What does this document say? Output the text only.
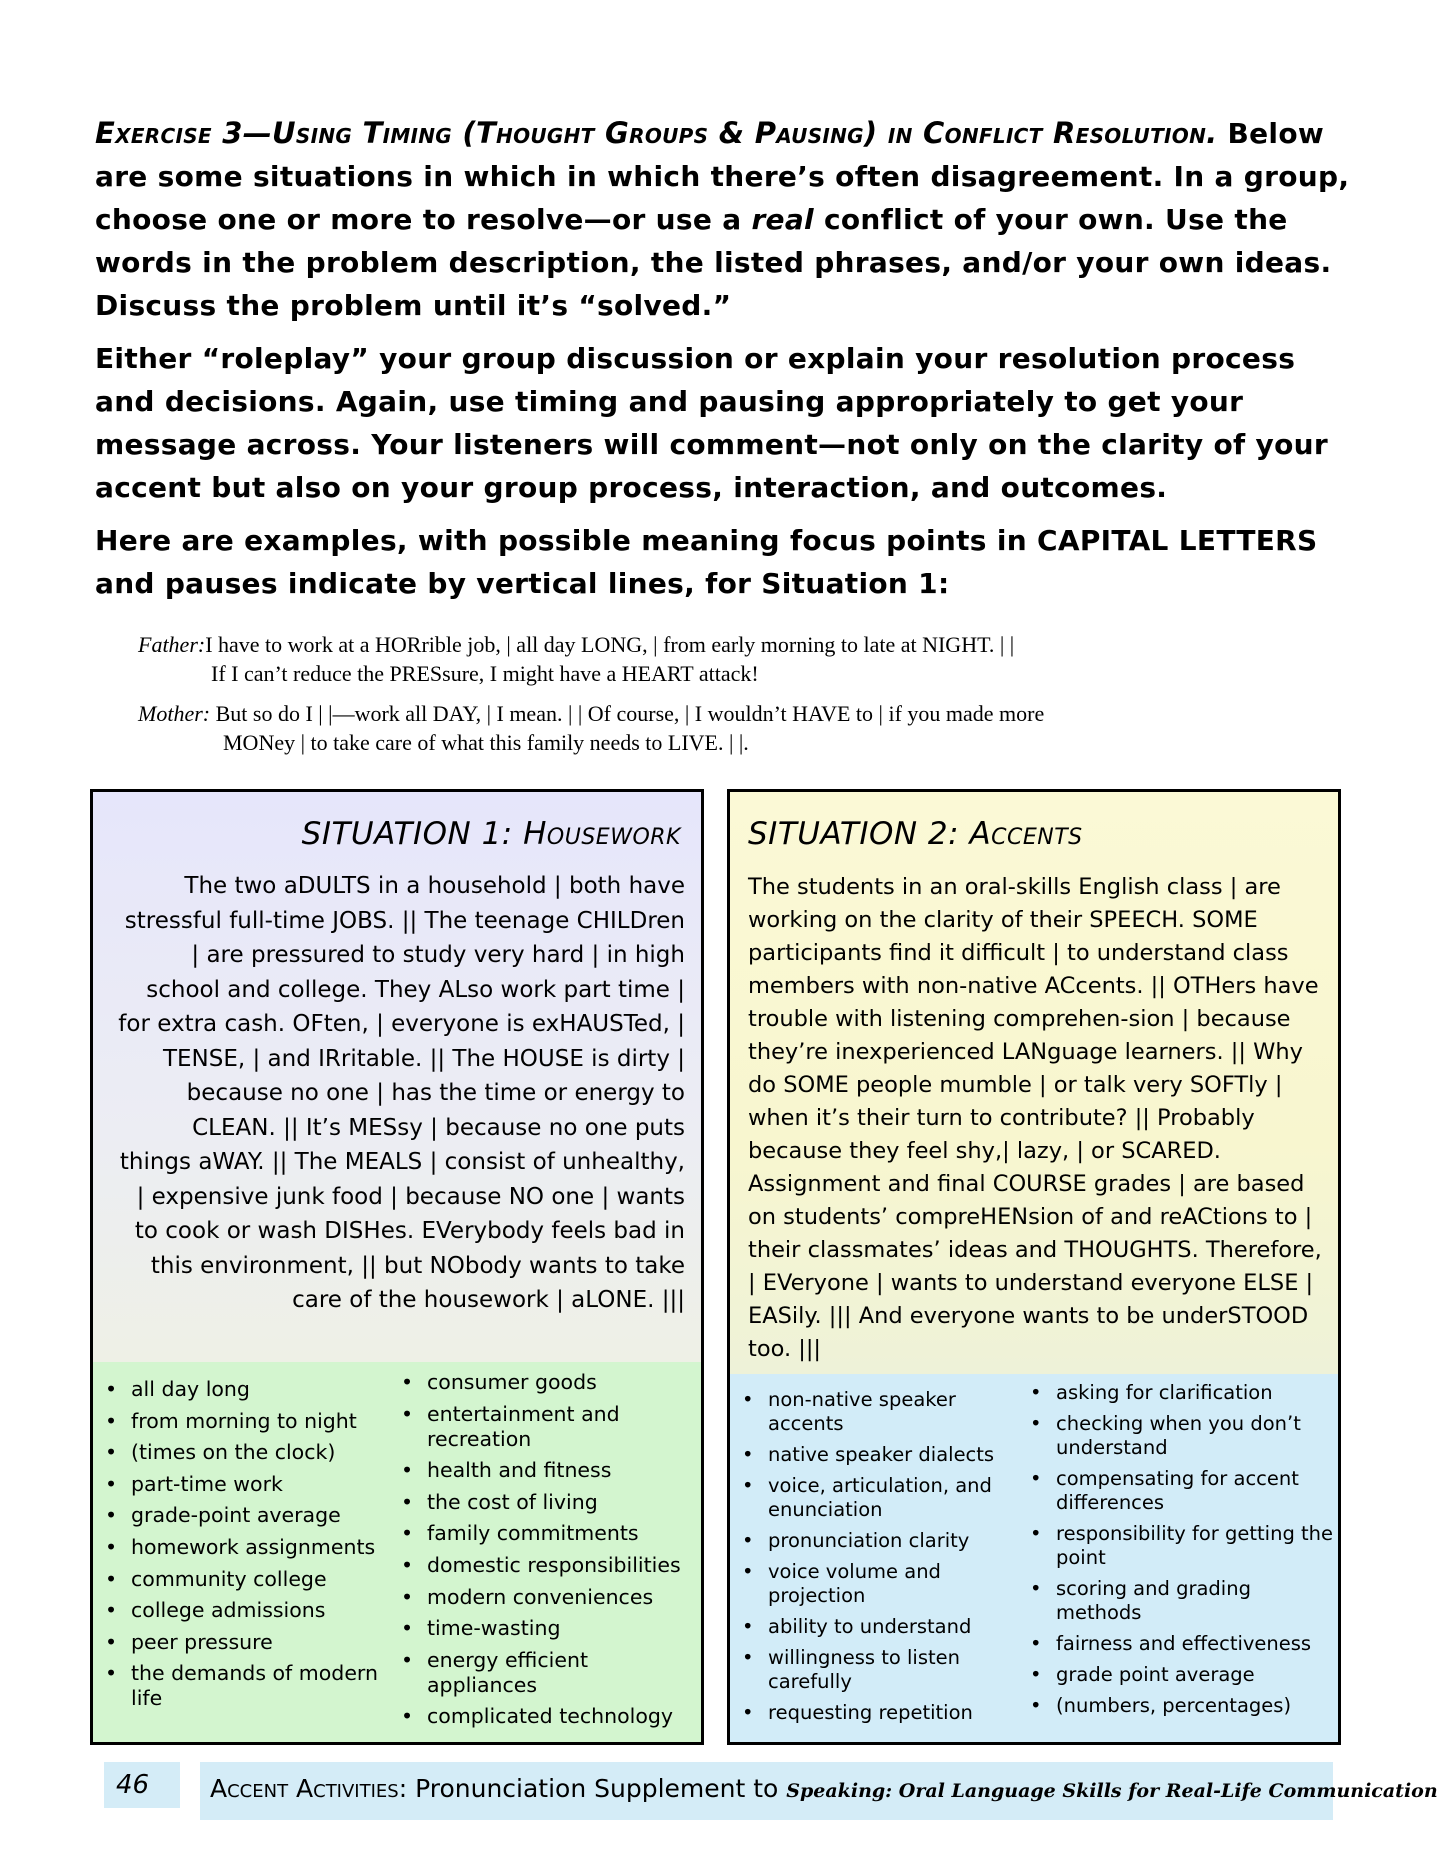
Exercise 3—Using Timing (Thought Groups & Pausing) in Conflict Resolution. Below are some situations in which in which there’s often disagreement. In a group, choose one or more to resolve—or use a real conflict of your own. Use the words in the problem description, the listed phrases, and/or your own ideas. Discuss the problem until it’s “solved.”

Either “roleplay” your group discussion or explain your resolution process and decisions. Again, use timing and pausing appropriately to get your message across. Your listeners will comment—not only on the clarity of your accent but also on your group process, interaction, and outcomes.

Here are examples, with possible meaning focus points in CAPITAL LETTERS and pauses indicate by vertical lines, for Situation 1:

Father:I have to work at a HORrible job, | all day LONG, | from early morning to late at NIGHT. | |
If I can’t reduce the PRESsure, I might have a HEART attack!
Mother: But so do I | |—work all DAY, | I mean. | | Of course, | I wouldn’t HAVE to | if you made more
MONey | to take care of what this family needs to LIVE. | |.
SITUATION 1: Housework
The two aDULTS in a household | both have stressful full-time JOBS. || The teenage CHILDren | are pressured to study very hard | in high school and college. They ALso work part time | for extra cash. OFten, | everyone is exHAUSTed, | TENSE, | and IRritable. || The HOUSE is dirty | because no one | has the time or energy to CLEAN. || It’s MESsy | because no one puts things aWAY. || The MEALS | consist of unhealthy, | expensive junk food | because NO one | wants to cook or wash DISHes. EVerybody feels bad in this environment, || but NObody wants to take care of the housework | aLONE. |||
• all day long
• from morning to night
• (times on the clock)
• part-time work
• grade-point average
• homework assignments
• community college
• college admissions
• peer pressure
• the demands of modern life
• consumer goods
• entertainment and recreation
• health and fitness
• the cost of living
• family commitments
• domestic responsibilities
• modern conveniences
• time-wasting
• energy efficient appliances
• complicated technology
SITUATION 2: Accents
The students in an oral-skills English class | are working on the clarity of their SPEECH. SOME participants find it difficult | to understand class members with non-native ACcents. || OTHers have trouble with listening comprehen-sion | because they’re inexperienced LANguage learners. || Why do SOME people mumble | or talk very SOFTly | when it’s their turn to contribute? || Probably because they feel shy,| lazy, | or SCARED. Assignment and final COURSE grades | are based on students’ compreHENsion of and reACtions to | their classmates’ ideas and THOUGHTS. Therefore, | EVeryone | wants to understand everyone ELSE | EASily. ||| And everyone wants to be underSTOOD too. |||
• non-native speaker accents
• native speaker dialects
• voice, articulation, and enunciation
• pronunciation clarity
• voice volume and projection
• ability to understand
• willingness to listen carefully
• requesting repetition
• asking for clarification
• checking when you don’t understand
• compensating for accent differences
• responsibility for getting the point
• scoring and grading methods
• fairness and effectiveness
• grade point average
• (numbers, percentages)
46	Accent Activities: Pronunciation Supplement to Speaking: Oral Language Skills for Real-Life Communication
